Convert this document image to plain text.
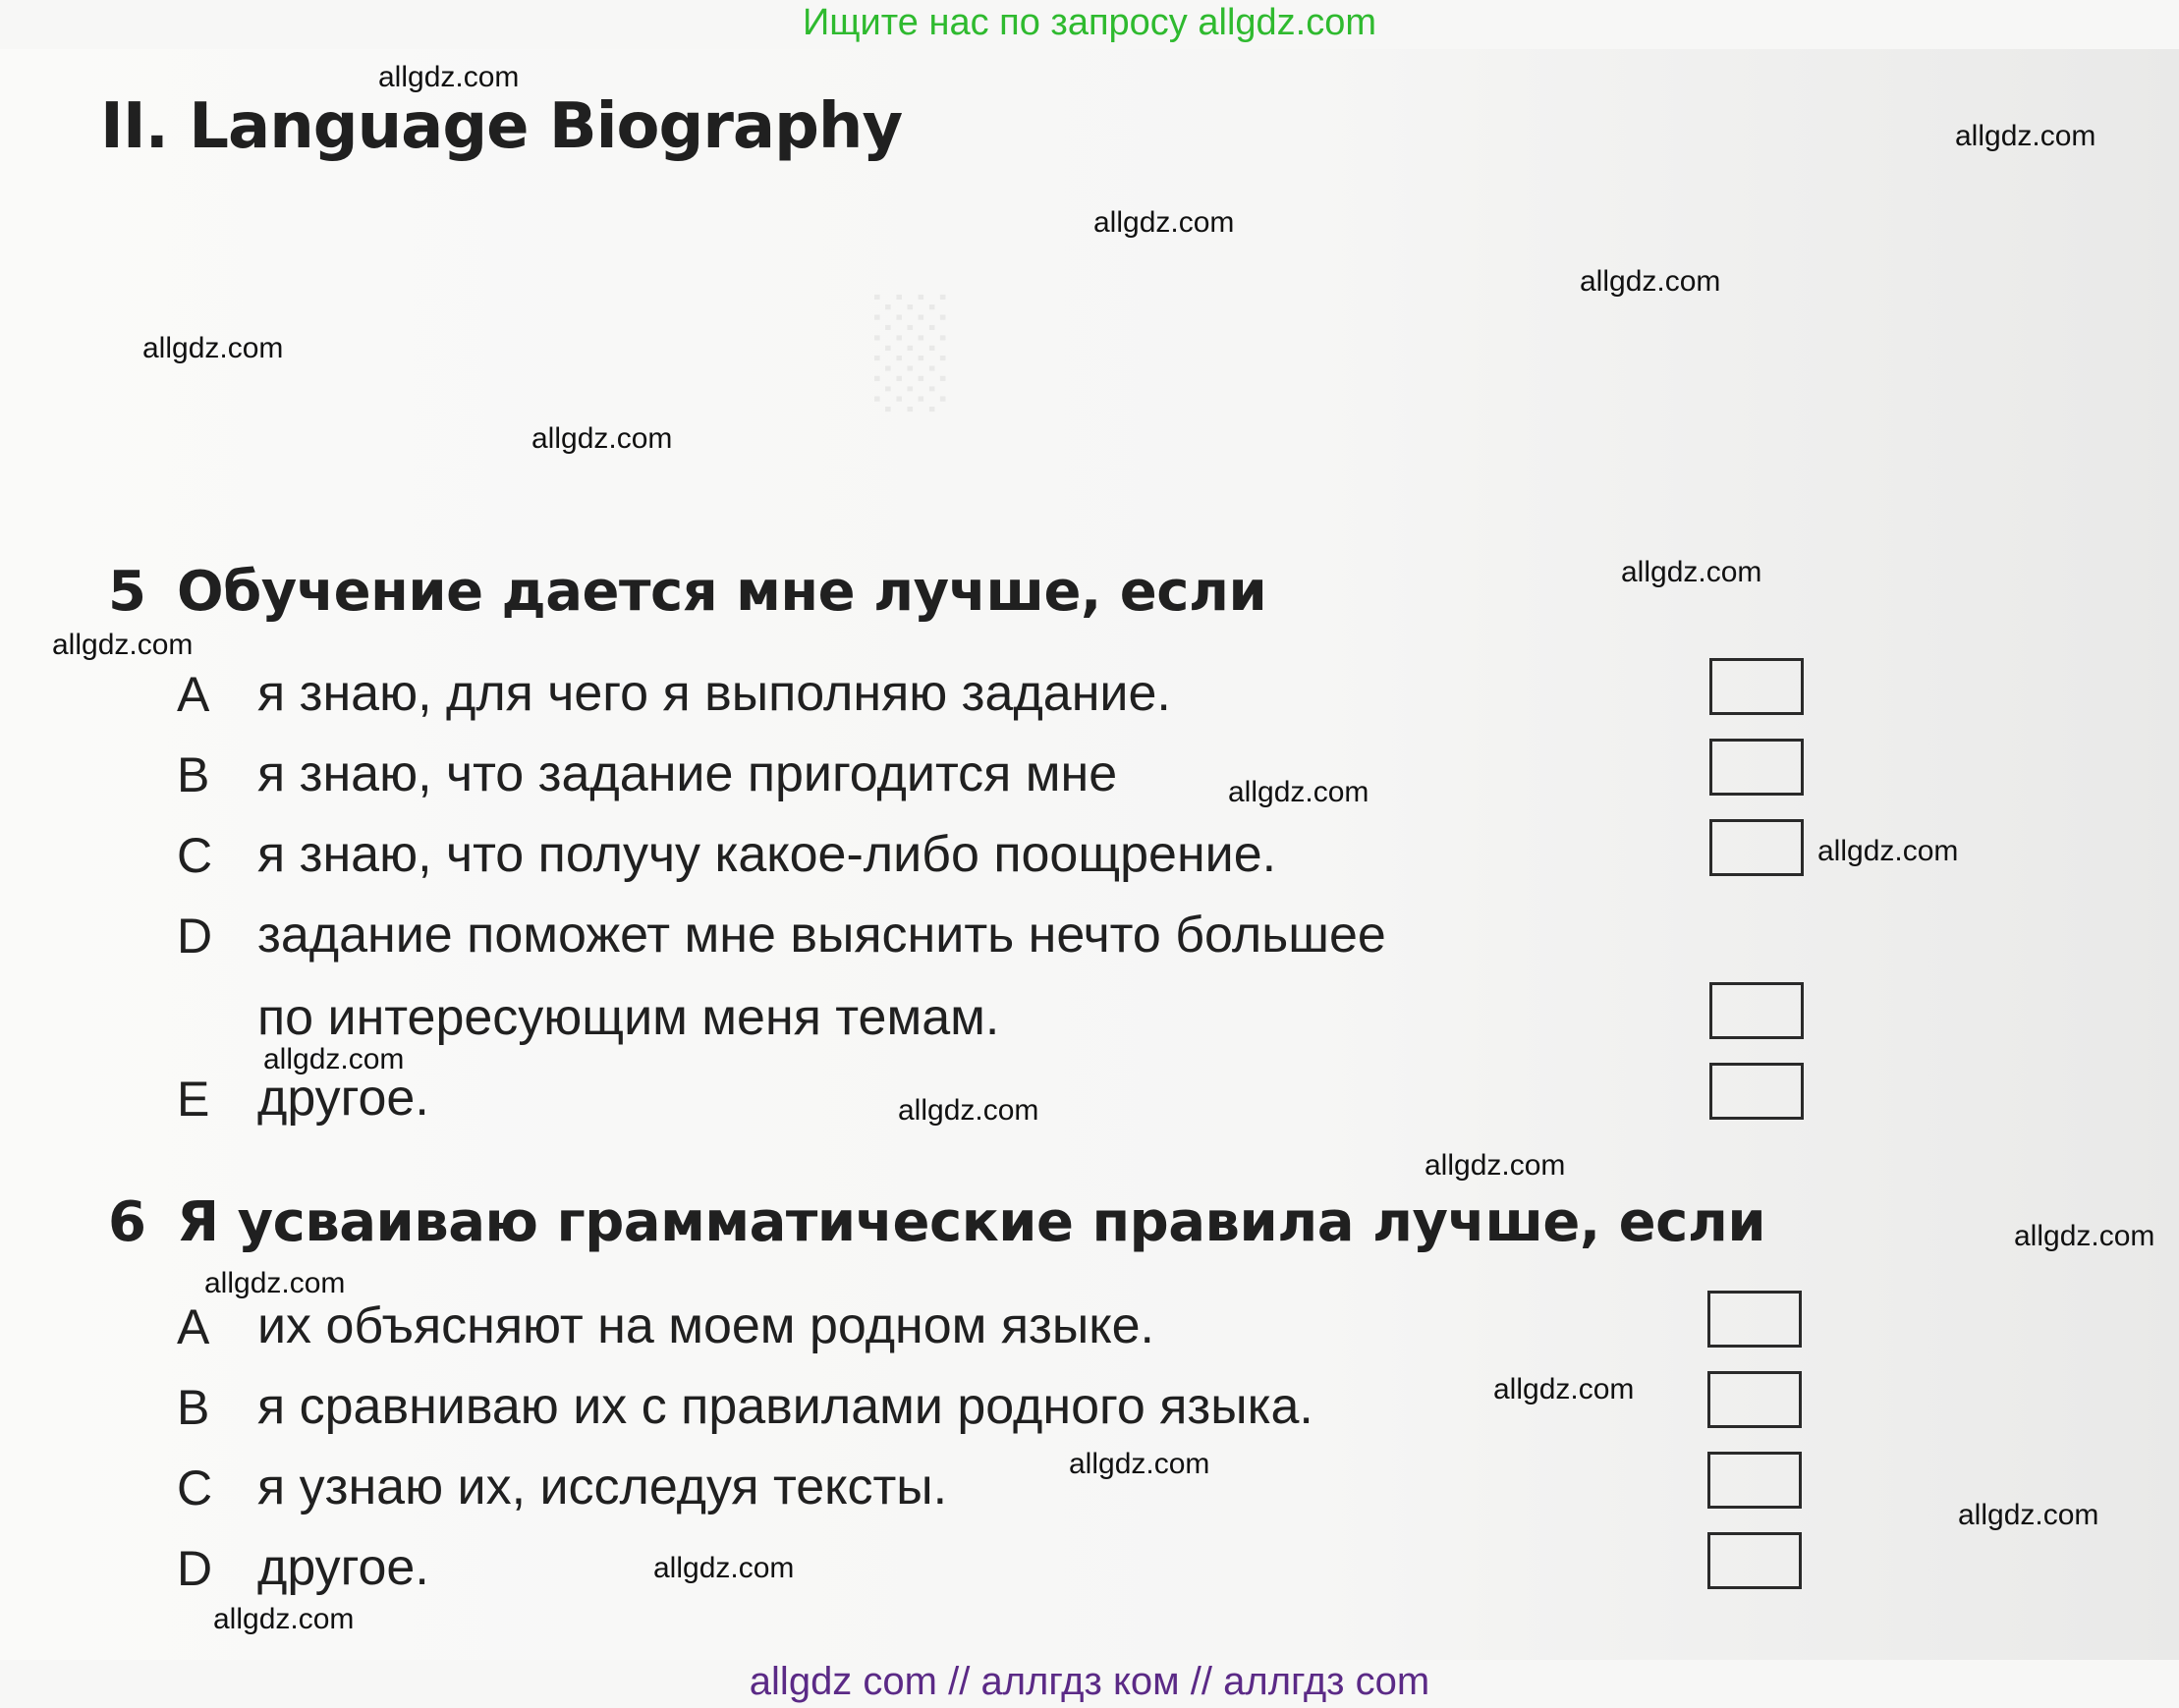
░
Ищите нас по запросу allgdz.com
II. Language Biography
5 Обучение дается мне лучше, если
A я знаю, для чего я выполняю задание.
B я знаю, что задание пригодится мне
C я знаю, что получу какое-либо поощрение.
D задание поможет мне выяснить нечто большее
по интересующим меня темам.
E другое.
6 Я усваиваю грамматические правила лучше, если
A их объясняют на моем родном языке.
B я сравниваю их с правилами родного языка.
C я узнаю их, исследуя тексты.
D другое.
allgdz.com
allgdz.com
allgdz.com
allgdz.com
allgdz.com
allgdz.com
allgdz.com
allgdz.com
allgdz.com
allgdz.com
allgdz.com
allgdz.com
allgdz.com
allgdz.com
allgdz.com
allgdz.com
allgdz.com
allgdz.com
allgdz.com
allgdz.com
allgdz com // аллгдз ком // аллгдз com
